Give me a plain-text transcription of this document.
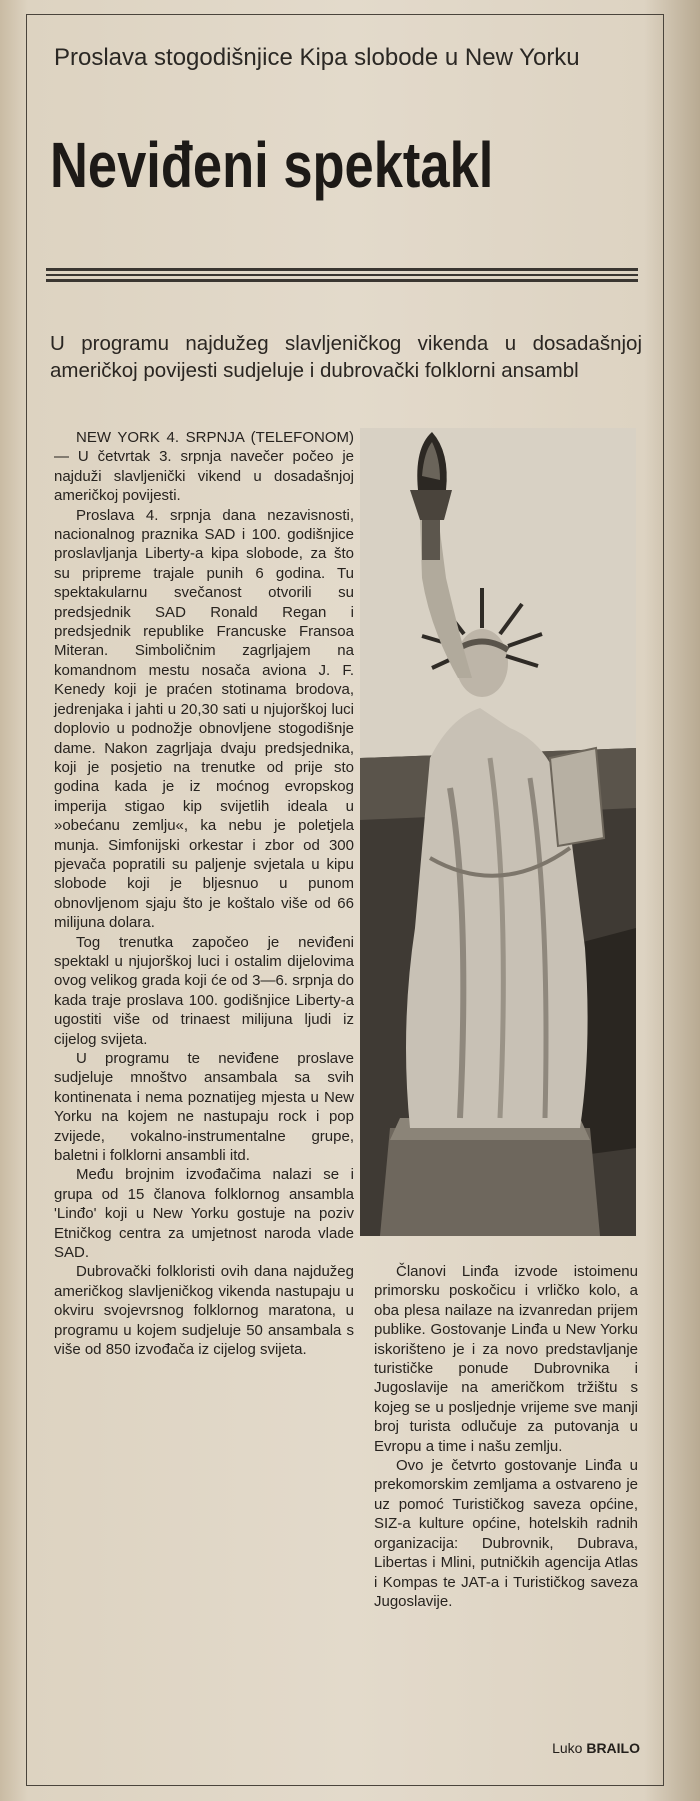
Proslava stogodišnjice Kipa slobode u New Yorku
Neviđeni spektakl
U programu najdužeg slavljeničkog vikenda u dosadašnjoj američkoj povijesti sudjeluje i dubrovački folklorni ansambl

NEW YORK 4. SRPNJA (TELEFONOM) — U četvrtak 3. srpnja navečer počeo je najduži slavljenički vikend u dosadašnjoj američkoj povijesti.

Proslava 4. srpnja dana nezavisnosti, nacionalnog praznika SAD i 100. godišnjice proslavljanja Liberty-a kipa slobode, za što su pripreme trajale punih 6 godina. Tu spektakularnu svečanost otvorili su predsjednik SAD Ronald Regan i predsjednik republike Francuske Fransoa Miteran. Simboličnim zagrljajem na komandnom mestu nosača aviona J. F. Kenedy koji je praćen stotinama brodova, jedrenjaka i jahti u 20,30 sati u njujorškoj luci doplovio u podnožje obnovljene stogodišnje dame. Nakon zagrljaja dvaju predsjednika, koji je posjetio na trenutke od prije sto godina kada je iz moćnog evropskog imperija stigao kip svijetlih ideala u »obećanu zemlju«, ka nebu je poletjela munja. Simfonijski orkestar i zbor od 300 pjevača popratili su paljenje svjetala u kipu slobode koji je bljesnuo u punom obnovljenom sjaju što je koštalo više od 66 milijuna dolara.

Tog trenutka započeo je neviđeni spektakl u njujorškoj luci i ostalim dijelovima ovog velikog grada koji će od 3—6. srpnja do kada traje proslava 100. godišnjice Liberty-a ugostiti više od trinaest milijuna ljudi iz cijelog svijeta.

U programu te neviđene proslave sudjeluje mnoštvo ansambala sa svih kontinenata i nema poznatijeg mjesta u New Yorku na kojem ne nastupaju rock i pop zvijede, vokalno-instrumentalne grupe, baletni i folklorni ansambli itd.

Među brojnim izvođačima nalazi se i grupa od 15 članova folklornog ansambla 'Linđo' koji u New Yorku gostuje na poziv Etničkog centra za umjetnost naroda vlade SAD.

Dubrovački folkloristi ovih dana najdužeg američkog slavljeničkog vikenda nastupaju u okviru svojevrsnog folklornog maratona, u programu u kojem sudjeluje 50 ansambala s više od 850 izvođača iz cijelog svijeta.

Članovi Linđa izvode istoimenu primorsku poskočicu i vrličko kolo, a oba plesa nailaze na izvanredan prijem publike. Gostovanje Linđa u New Yorku iskorišteno je i za novo predstavljanje turističke ponude Dubrovnika i Jugoslavije na američkom tržištu s kojeg se u posljednje vrijeme sve manji broj turista odlučuje za putovanja u Evropu a time i našu zemlju.

Ovo je četvrto gostovanje Linđa u prekomorskim zemljama a ostvareno je uz pomoć Turističkog saveza općine, SIZ-a kulture općine, hotelskih radnih organizacija: Dubrovnik, Dubrava, Libertas i Mlini, putničkih agencija Atlas i Kompas te JAT-a i Turističkog saveza Jugoslavije.

Luko BRAILO
